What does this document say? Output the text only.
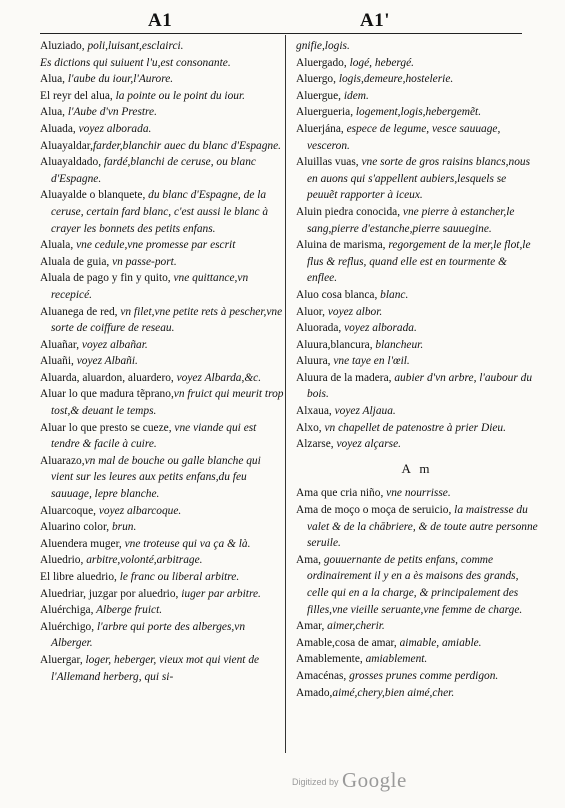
A1	A1'

Aluziado, poli,luisant,esclairci.

Es dictions qui suiuent l'u,est consonante.

Alua, l'aube du iour,l'Aurore.

El reyr del alua, la pointe ou le point du iour.

Alua, l'Aube d'vn Prestre.

Aluada, voyez alborada.

Aluayaldar,farder,blanchir auec du blanc d'Espagne.

Aluayaldado, fardé,blanchi de ceruse, ou blanc d'Espagne.

Aluayalde o blanquete, du blanc d'Espagne, de la ceruse, certain fard blanc, c'est aussi le blanc à crayer les bonnets des petits enfans.

Aluala, vne cedule,vne promesse par escrit

Aluala de guia, vn passe-port.

Aluala de pago y fin y quito, vne quittance,vn recepicé.

Aluanega de red, vn filet,vne petite rets à pescher,vne sorte de coiffure de reseau.

Aluañar, voyez albañar.

Aluañi, voyez Albañi.

Aluarda, aluardon, aluardero, voyez Albarda,&c.

Aluar lo que madura tẽprano,vn fruict qui meurit trop tost,& deuant le temps.

Aluar lo que presto se cueze, vne viande qui est tendre & facile à cuire.

Aluarazo,vn mal de bouche ou galle blanche qui vient sur les leures aux petits enfans,du feu sauuage, lepre blanche.

Aluarcoque, voyez albarcoque.

Aluarino color, brun.

Aluendera muger, vne troteuse qui va ça & là.

Aluedrio, arbitre,volonté,arbitrage.

El libre aluedrio, le franc ou liberal arbitre.

Aluedriar, juzgar por aluedrio, iuger par arbitre.

Aluérchiga, Alberge fruict.

Aluérchigo, l'arbre qui porte des alberges,vn Alberger.

Aluergar, loger, heberger, vieux mot qui vient de l'Allemand herberg, qui si-

gnifie,logis.

Aluergado, logé, hebergé.

Aluergo, logis,demeure,hostelerie.

Aluergue, idem.

Aluergueria, logement,logis,hebergemẽt.

Aluerjána, espece de legume, vesce sauuage, vesceron.

Aluillas vuas, vne sorte de gros raisins blancs,nous en auons qui s'appellent aubiers,lesquels se peuuẽt rapporter à iceux.

Aluin piedra conocida, vne pierre à estancher,le sang,pierre d'estanche,pierre sauuegine.

Aluina de marisma, regorgement de la mer,le flot,le flus & reflus, quand elle est en tourmente & enflee.

Aluo cosa blanca, blanc.

Aluor, voyez albor.

Aluorada, voyez alborada.

Aluura,blancura, blancheur.

Aluura, vne taye en l'œil.

Aluura de la madera, aubier d'vn arbre, l'aubour du bois.

Alxaua, voyez Aljaua.

Alxo, vn chapellet de patenostre à prier Dieu.

Alzarse, voyez alçarse.

A m

Ama que cria niño, vne nourrisse.

Ama de moço o moça de seruicio, la maistresse du valet & de la chābriere, & de toute autre personne seruile.

Ama, gouuernante de petits enfans, comme ordinairement il y en a ès maisons des grands, celle qui en a la charge, & principalement des filles,vne vieille seruante,vne femme de charge.

Amar, aimer,cherir.

Amable,cosa de amar, aimable, amiable.

Amablemente, amiablement.

Amacénas, grosses prunes comme perdigon.

Amado,aimé,chery,bien aimé,cher.

Digitized by Google
